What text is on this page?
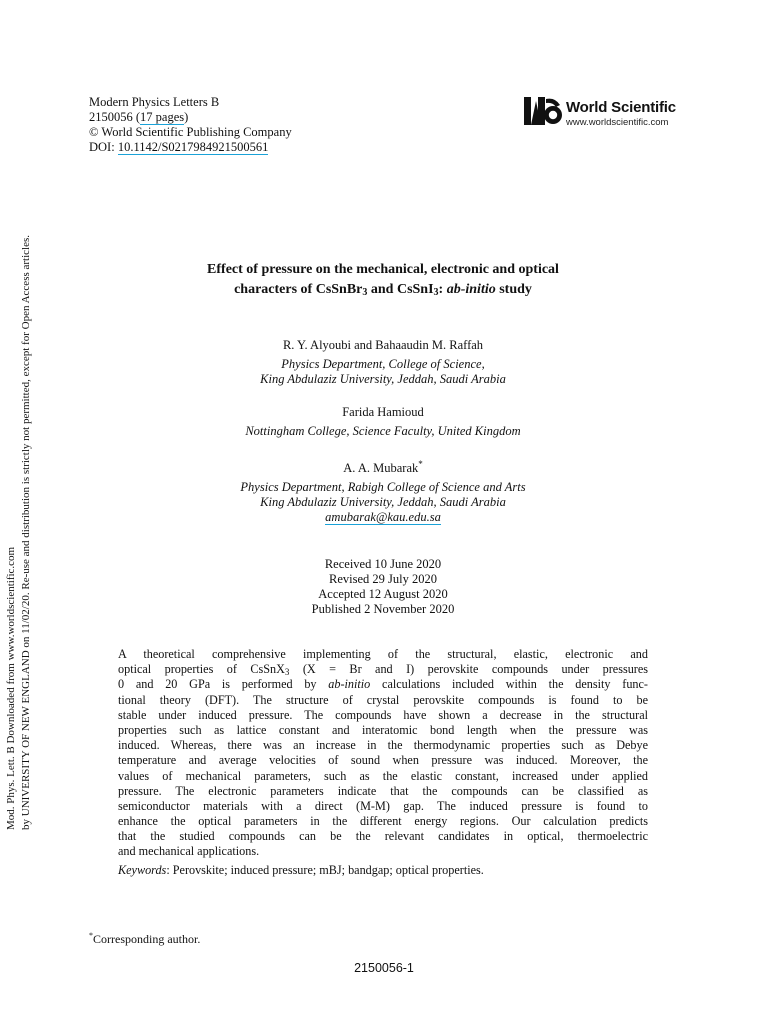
Modern Physics Letters B
2150056 (17 pages)
© World Scientific Publishing Company
DOI: 10.1142/S0217984921500561
World Scientific
www.worldscientific.com
Mod. Phys. Lett. B Downloaded from www.worldscientific.com by UNIVERSITY OF NEW ENGLAND on 11/02/20. Re-use and distribution is strictly not permitted, except for Open Access articles.	Effect of pressure on the mechanical, electronic and optical
characters of CsSnBr$_3$ and CsSnI$_3$: ab-initio study
R. Y. Alyoubi and Bahaaudin M. Raffah
Physics Department, College of Science,
King Abdulaziz University, Jeddah, Saudi Arabia
Farida Hamioud
Nottingham College, Science Faculty, United Kingdom
A. A. Mubarak*
Physics Department, Rabigh College of Science and Arts
King Abdulaziz University, Jeddah, Saudi Arabia
amubarak@kau.edu.sa
Received 10 June 2020
Revised 29 July 2020
Accepted 12 August 2020
Published 2 November 2020
A theoretical comprehensive implementing of the structural, elastic, electronic and
optical properties of CsSnX$_3$ (X = Br and I) perovskite compounds under pressures
0 and 20 GPa is performed by ab-initio calculations included within the density func-
tional theory (DFT). The structure of crystal perovskite compounds is found to be
stable under induced pressure. The compounds have shown a decrease in the structural
properties such as lattice constant and interatomic bond length when the pressure was
induced. Whereas, there was an increase in the thermodynamic properties such as Debye
temperature and average velocities of sound when pressure was induced. Moreover, the
values of mechanical parameters, such as the elastic constant, increased under applied
pressure. The electronic parameters indicate that the compounds can be classified as
semiconductor materials with a direct (M-M) gap. The induced pressure is found to
enhance the optical parameters in the different energy regions. Our calculation predicts
that the studied compounds can be the relevant candidates in optical, thermoelectric
and mechanical applications.
Keywords: Perovskite; induced pressure; mBJ; bandgap; optical properties.
*Corresponding author.
2150056-1
